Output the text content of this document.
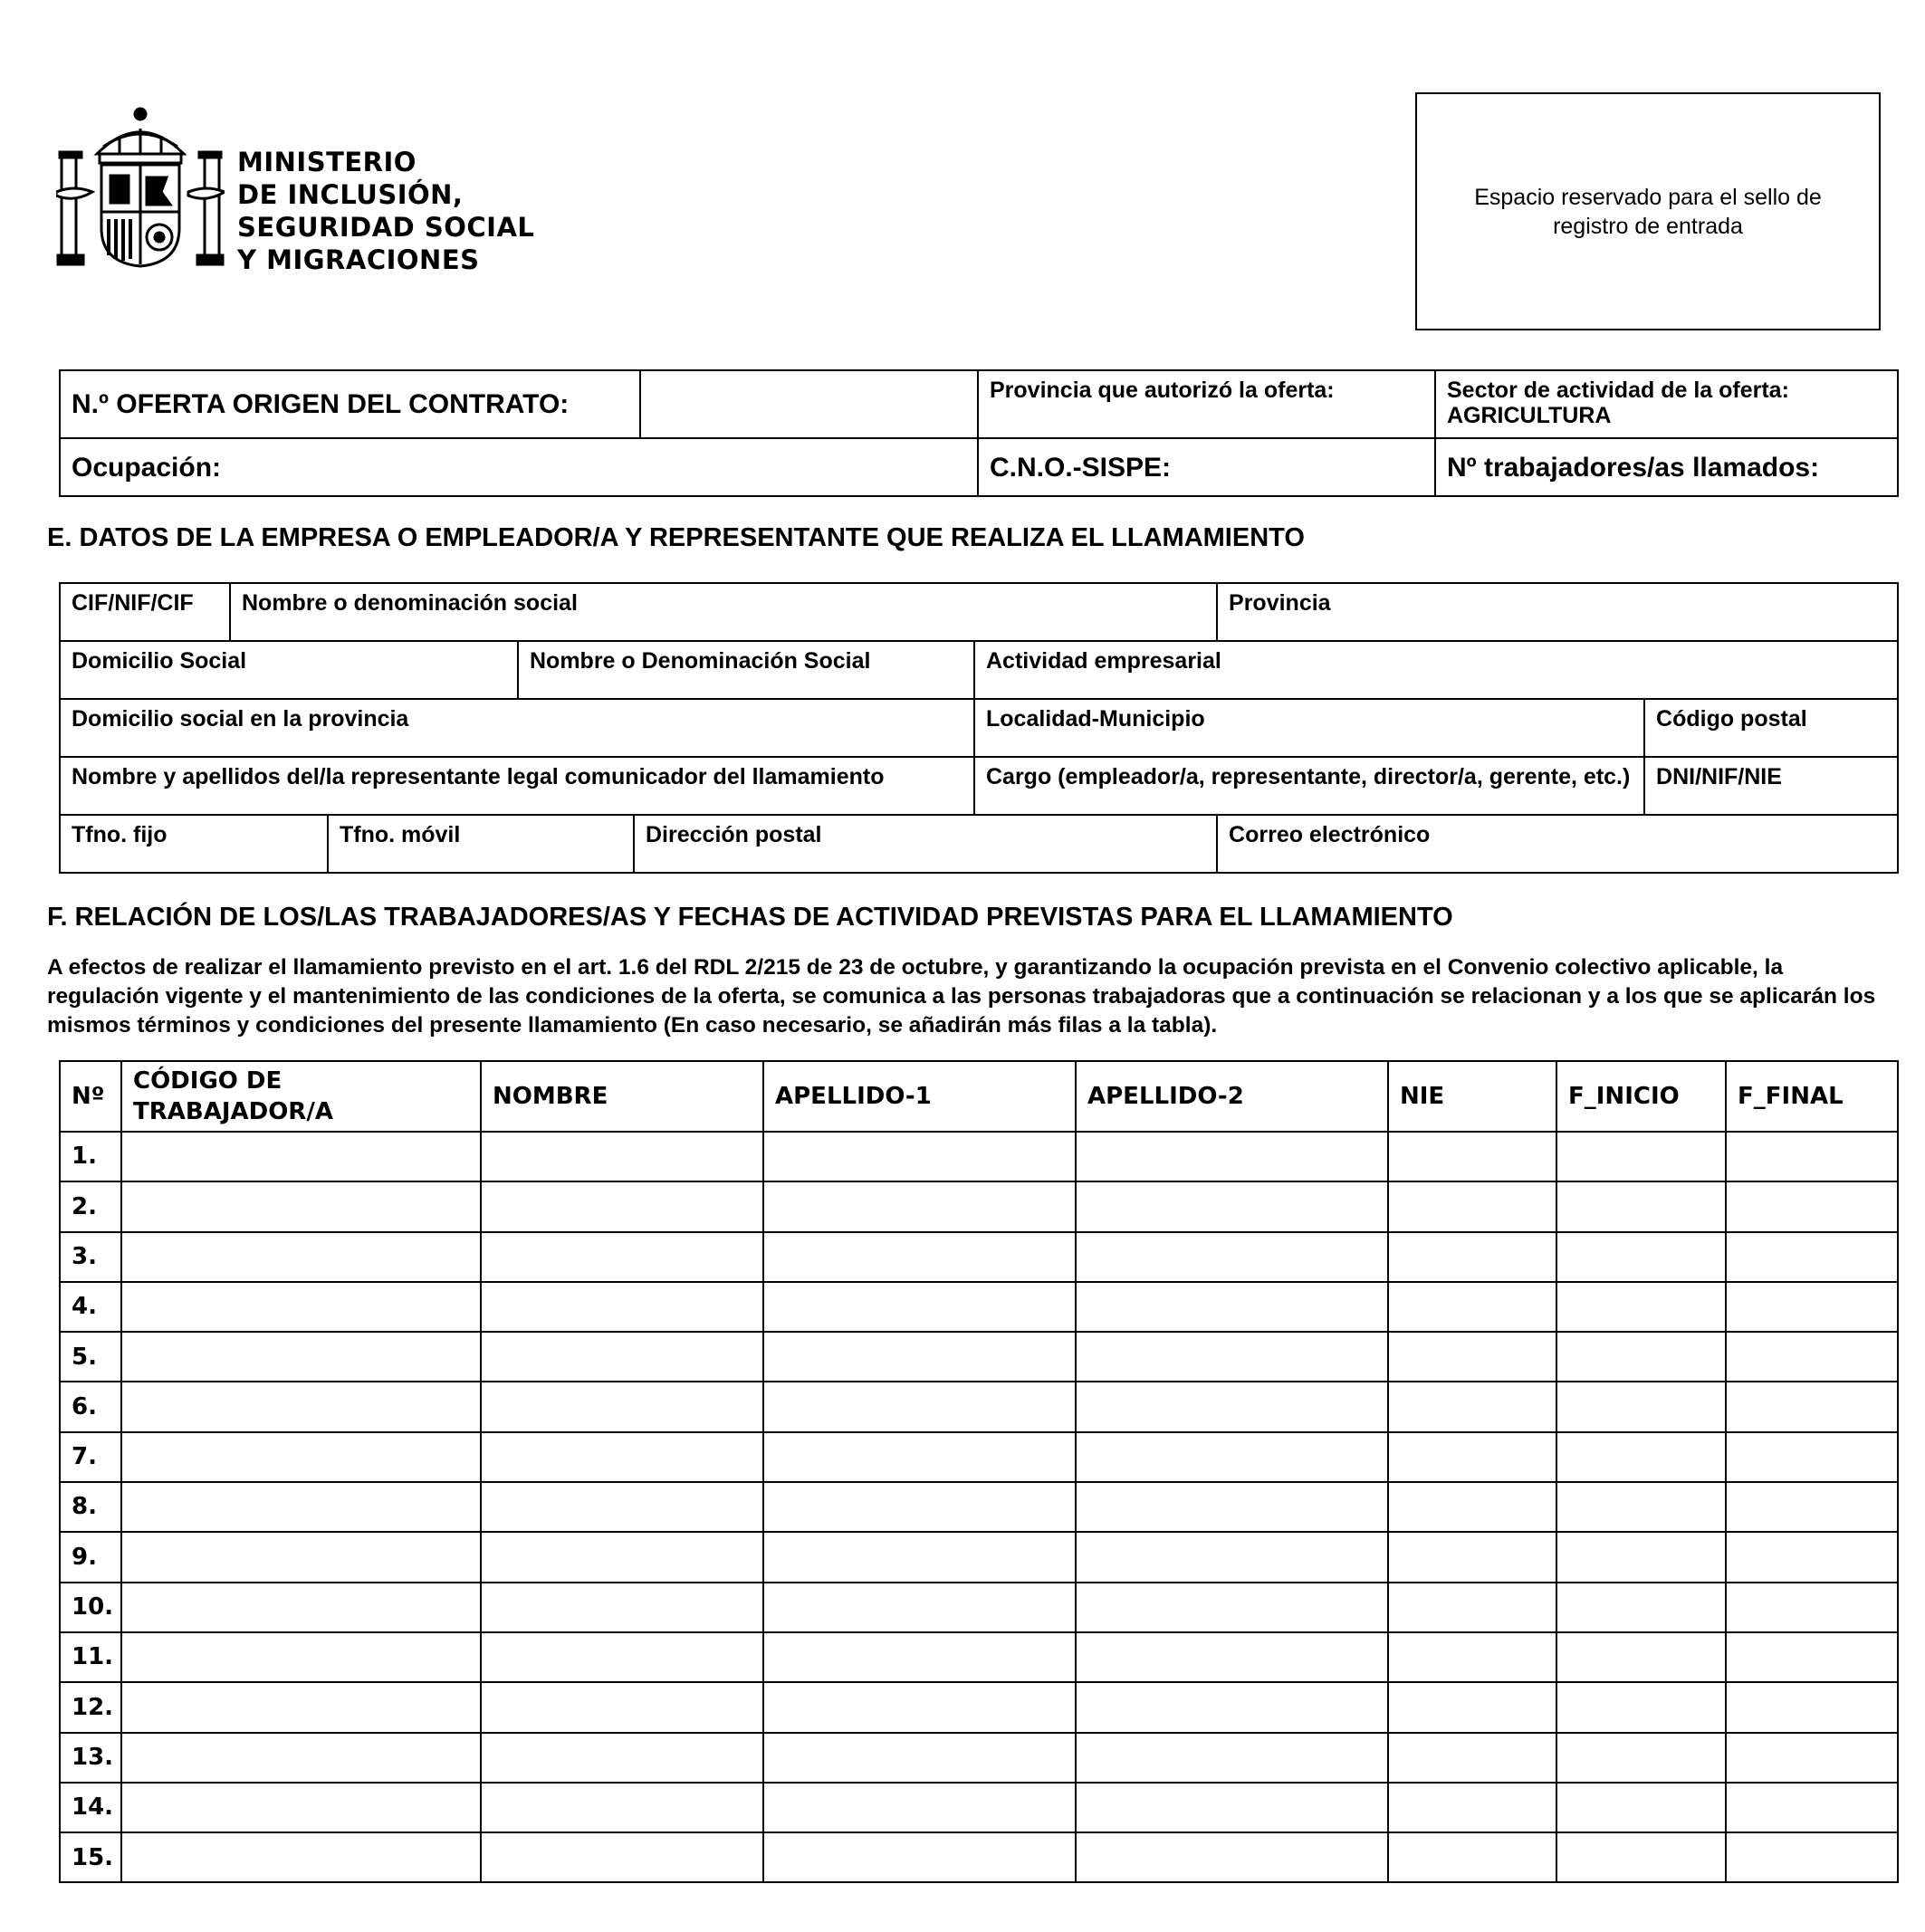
MINISTERIO
DE INCLUSIÓN,
SEGURIDAD SOCIAL
Y MIGRACIONES
Espacio reservado para el sello de registro de entrada
N.º OFERTA ORIGEN DEL CONTRATO:		Provincia que autorizó la oferta:	Sector de actividad de la oferta:
AGRICULTURA

Ocupación:		C.N.O.-SISPE:	Nº trabajadores/as llamados:
E. DATOS DE LA EMPRESA O EMPLEADOR/A Y REPRESENTANTE QUE REALIZA EL LLAMAMIENTO
CIF/NIF/CIF	Nombre o denominación social					Provincia	
Domicilio Social			Nombre o Denominación Social		Actividad empresarial		
Domicilio social en la provincia					Localidad-Municipio		Código postal
Nombre y apellidos del/la representante legal comunicador del llamamiento					Cargo (empleador/a, representante, director/a, gerente, etc.)		DNI/NIF/NIE
Tfno. fijo		Tfno. móvil		Dirección postal		Correo electrónico	
F. RELACIÓN DE LOS/LAS TRABAJADORES/AS Y FECHAS DE ACTIVIDAD PREVISTAS PARA EL LLAMAMIENTO
A efectos de realizar el llamamiento previsto en el art. 1.6 del RDL 2/215 de 23 de octubre, y garantizando la ocupación prevista en el Convenio colectivo aplicable, la regulación vigente y el mantenimiento de las condiciones de la oferta, se comunica a las personas trabajadoras que a continuación se relacionan y a los que se aplicarán los mismos términos y condiciones del presente llamamiento (En caso necesario, se añadirán más filas a la tabla).
Nº	CÓDIGO DE TRABAJADOR/A	NOMBRE	APELLIDO-1	APELLIDO-2	NIE	F_INICIO	F_FINAL
1.							
2.							
3.							
4.							
5.							
6.							
7.							
8.							
9.							
10.							
11.							
12.							
13.							
14.							
15.							
